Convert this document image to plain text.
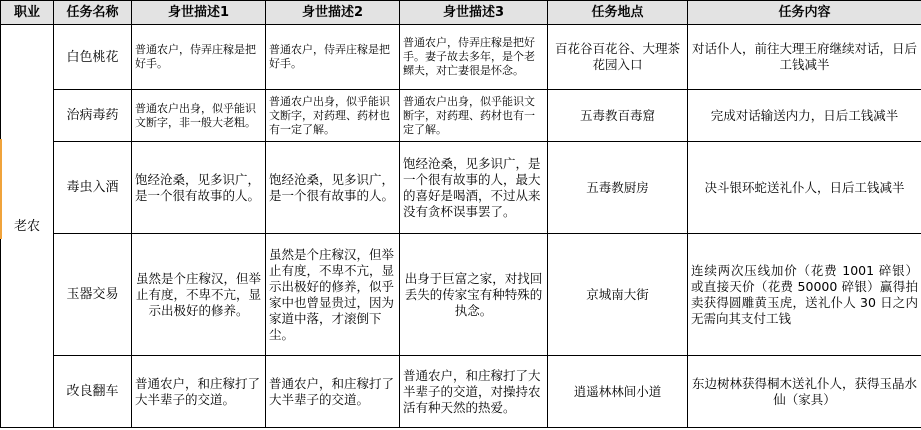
职业	任务名称	身世描述1	身世描述2	身世描述3	任务地点	任务内容
老农	白色桃花	普通农户，侍弄庄稼是把好手。	普通农户，侍弄庄稼是把好手。	普通农户，侍弄庄稼是把好手。妻子故去多年，是个老鳏夫，对亡妻很是怀念。	百花谷百花谷、大理茶花园入口	对话仆人，前往大理王府继续对话，日后工钱减半
	治病毒药	普通农户出身，似乎能识文断字，非一般大老粗。	普通农户出身，似乎能识文断字，对药理、药材也有一定了解。	普通农户出身，似乎能识文断字，对药理、药材也有一定了解。	五毒教百毒窟	完成对话输送内力，日后工钱减半
	毒虫入酒	饱经沧桑，见多识广，是一个很有故事的人。	饱经沧桑，见多识广，是一个很有故事的人。	饱经沧桑，见多识广，是一个很有故事的人，最大的喜好是喝酒，不过从来没有贪杯误事罢了。	五毒教厨房	决斗银环蛇送礼仆人，日后工钱减半
	玉器交易	虽然是个庄稼汉，但举止有度，不卑不亢，显示出极好的修养。	虽然是个庄稼汉，但举止有度，不卑不亢，显示出极好的修养，似乎家中也曾显贵过，因为家道中落，才滚倒下尘。	出身于巨富之家，对找回丢失的传家宝有种特殊的执念。	京城南大街	连续两次压线加价（花费 1001 碎银）或直接天价（花费 50000 碎银）赢得拍卖获得圆雕黄玉虎，送礼仆人 30 日之内无需向其支付工钱
	改良翻车	普通农户，和庄稼打了大半辈子的交道。	普通农户，和庄稼打了大半辈子的交道。	普通农户，和庄稼打了大半辈子的交道，对操持农活有种天然的热爱。	逍遥林林间小道	东边树林获得桐木送礼仆人，获得玉晶水仙（家具）
